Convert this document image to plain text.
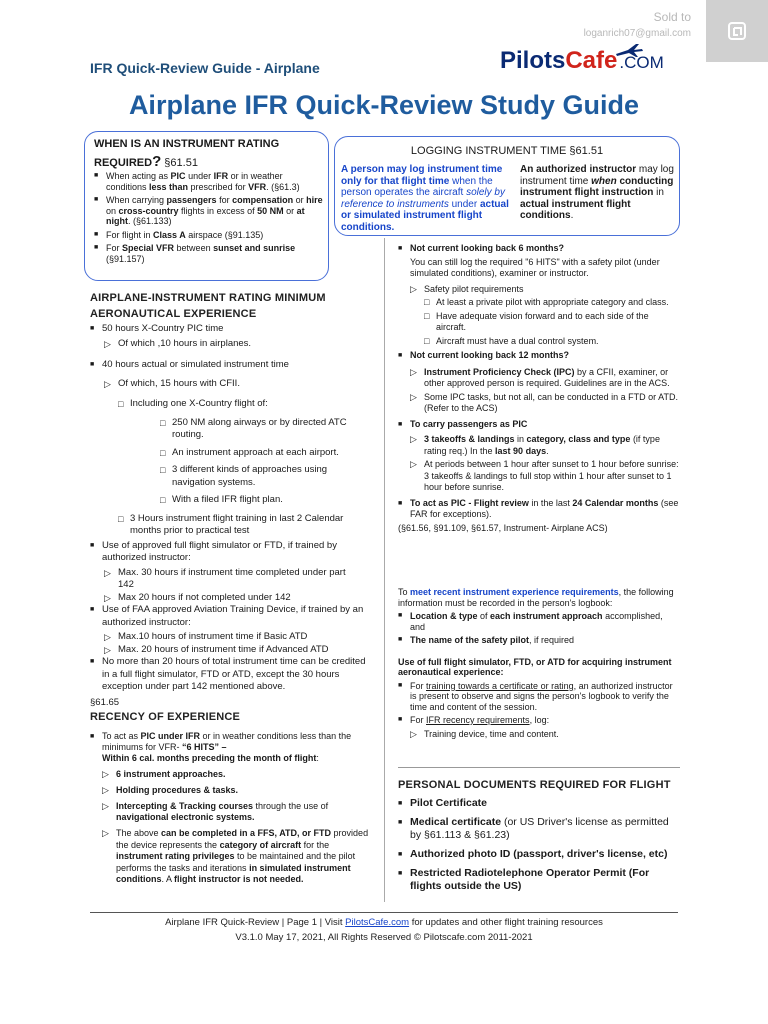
Sold to
loganrich07@gmail.com
IFR Quick-Review Guide - Airplane	PilotsCafe .COM
Airplane IFR Quick-Review Study Guide
WHEN IS AN INSTRUMENT RATING REQUIRED? §61.51
■ When acting as PIC under IFR or in weather conditions less than prescribed for VFR. (§61.3)
■ When carrying passengers for compensation or hire on cross-country flights in excess of 50 NM or at night. (§61.133)
■ For flight in Class A airspace (§91.135)
■ For Special VFR between sunset and sunrise (§91.157)
LOGGING INSTRUMENT TIME §61.51
A person may log instrument time only for that flight time when the person operates the aircraft solely by reference to instruments under actual or simulated instrument flight conditions.
An authorized instructor may log instrument time when conducting instrument flight instruction in actual instrument flight conditions.
AIRPLANE-INSTRUMENT RATING MINIMUM AERONAUTICAL EXPERIENCE
■ 50 hours X-Country PIC time
▷ Of which ,10 hours in airplanes.
■ 40 hours actual or simulated instrument time
▷ Of which, 15 hours with CFII.
□ Including one X-Country flight of:
□ 250 NM along airways or by directed ATC routing.
□ An instrument approach at each airport.
□ 3 different kinds of approaches using navigation systems.
□ With a filed IFR flight plan.
□ 3 Hours instrument flight training in last 2 Calendar months prior to practical test
■ Use of approved full flight simulator or FTD, if trained by authorized instructor:
▷ Max. 30 hours if instrument time completed under part 142
▷ Max 20 hours if not completed under 142
■ Use of FAA approved Aviation Training Device, if trained by an authorized instructor:
▷ Max.10 hours of instrument time if Basic ATD
▷ Max. 20 hours of instrument time if Advanced ATD
■ No more than 20 hours of total instrument time can be credited in a full flight simulator, FTD or ATD, except the 30 hours exception under part 142 mentioned above.
§61.65
RECENCY OF EXPERIENCE
■ To act as PIC under IFR or in weather conditions less than the minimums for VFR- “6 HITS” –
Within 6 cal. months preceding the month of flight:
▷ 6 instrument approaches.
▷ Holding procedures & tasks.
▷ Intercepting & Tracking courses through the use of navigational electronic systems.
▷ The above can be completed in a FFS, ATD, or FTD provided the device represents the category of aircraft for the instrument rating privileges to be maintained and the pilot performs the tasks and iterations in simulated instrument conditions. A flight instructor is not needed.
■ Not current looking back 6 months?
You can still log the required "6 HITS" with a safety pilot (under simulated conditions), examiner or instructor.
▷ Safety pilot requirements
□ At least a private pilot with appropriate category and class.
□ Have adequate vision forward and to each side of the aircraft.
□ Aircraft must have a dual control system.
■ Not current looking back 12 months?
▷ Instrument Proficiency Check (IPC) by a CFII, examiner, or other approved person is required. Guidelines are in the ACS.
▷ Some IPC tasks, but not all, can be conducted in a FTD or ATD. (Refer to the ACS)
■ To carry passengers as PIC
▷ 3 takeoffs & landings in category, class and type (if type rating req.) In the last 90 days.
▷ At periods between 1 hour after sunset to 1 hour before sunrise: 3 takeoffs & landings to full stop within 1 hour after sunset to 1 hour before sunrise.
■ To act as PIC - Flight review in the last 24 Calendar months (see FAR for exceptions).
(§61.56, §91.109, §61.57, Instrument- Airplane ACS)
To meet recent instrument experience requirements, the following information must be recorded in the person's logbook:
■ Location & type of each instrument approach accomplished, and
■ The name of the safety pilot, if required
Use of full flight simulator, FTD, or ATD for acquiring instrument aeronautical experience:
■ For training towards a certificate or rating, an authorized instructor is present to observe and signs the person's logbook to verify the time and content of the session.
■ For IFR recency requirements, log:
▷ Training device, time and content.
PERSONAL DOCUMENTS REQUIRED FOR FLIGHT
■ Pilot Certificate
■ Medical certificate (or US Driver's license as permitted by §61.113 & §61.23)
■ Authorized photo ID (passport, driver's license, etc)
■ Restricted Radiotelephone Operator Permit (For flights outside the US)
Airplane IFR Quick-Review | Page 1 | Visit PilotsCafe.com for updates and other flight training resources
V3.1.0 May 17, 2021, All Rights Reserved © Pilotscafe.com 2011-2021
